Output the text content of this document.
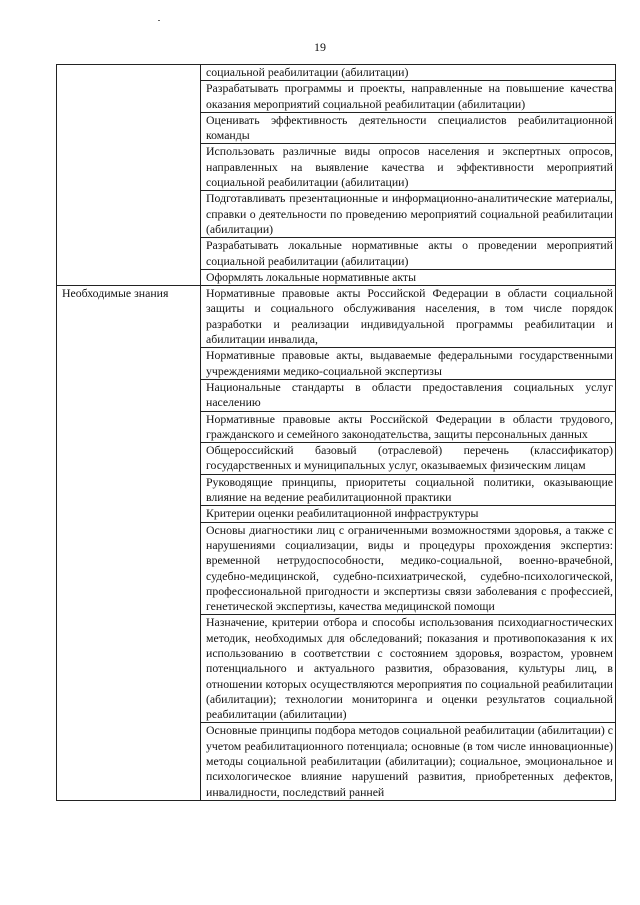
19
	социальной реабилитации (абилитации)
	Разрабатывать программы и проекты, направленные на повышение качества оказания мероприятий социальной реабилитации (абилитации)
	Оценивать эффективность деятельности специалистов реабилитационной команды
	Использовать различные виды опросов населения и экспертных опросов, направленных на выявление качества и эффективности мероприятий социальной реабилитации (абилитации)
	Подготавливать презентационные и информационно-аналитические материалы, справки о деятельности по проведению мероприятий социальной реабилитации (абилитации)
	Разрабатывать локальные нормативные акты о проведении мероприятий социальной реабилитации (абилитации)
	Оформлять локальные нормативные акты
Необходимые знания	Нормативные правовые акты Российской Федерации в области социальной защиты и социального обслуживания населения, в том числе порядок разработки и реализации индивидуальной программы реабилитации и абилитации инвалида,
	Нормативные правовые акты, выдаваемые федеральными государственными учреждениями медико-социальной экспертизы
	Национальные стандарты в области предоставления социальных услуг населению
	Нормативные правовые акты Российской Федерации в области трудового, гражданского и семейного законодательства, защиты персональных данных
	Общероссийский базовый (отраслевой) перечень (классификатор) государственных и муниципальных услуг, оказываемых физическим лицам
	Руководящие принципы, приоритеты социальной политики, оказывающие влияние на ведение реабилитационной практики
	Критерии оценки реабилитационной инфраструктуры
	Основы диагностики лиц с ограниченными возможностями здоровья, а также с нарушениями социализации, виды и процедуры прохождения экспертиз: временной нетрудоспособности, медико-социальной, военно-врачебной, судебно-медицинской, судебно-психиатрической, судебно-психологической, профессиональной пригодности и экспертизы связи заболевания с профессией, генетической экспертизы, качества медицинской помощи
	Назначение, критерии отбора и способы использования психодиагностических методик, необходимых для обследований; показания и противопоказания к их использованию в соответствии с состоянием здоровья, возрастом, уровнем потенциального и актуального развития, образования, культуры лиц, в отношении которых осуществляются мероприятия по социальной реабилитации (абилитации); технологии мониторинга и оценки результатов социальной реабилитации (абилитации)
	Основные принципы подбора методов социальной реабилитации (абилитации) с учетом реабилитационного потенциала; основные (в том числе инновационные) методы социальной реабилитации (абилитации); социальное, эмоциональное и психологическое влияние нарушений развития, приобретенных дефектов, инвалидности, последствий ранней
